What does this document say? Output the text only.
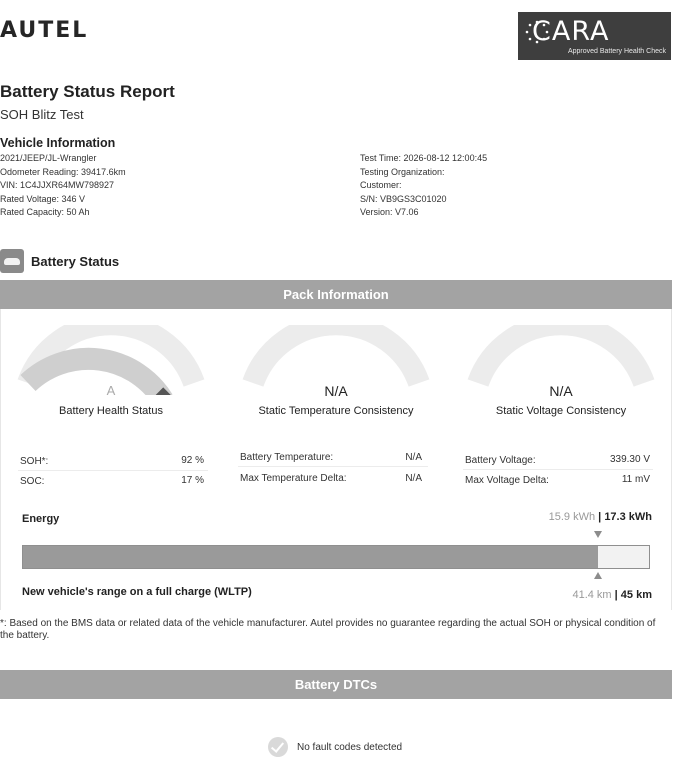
AUTEL	CARA
Approved Battery Health Check
Battery Status Report
SOH Blitz Test
Vehicle Information
2021/JEEP/JL-Wrangler
Odometer Reading: 39417.6km
VIN: 1C4JJXR64MW798927
Rated Voltage: 346 V
Rated Capacity: 50 Ah
Test Time: 2026-08-12 12:00:45
Testing Organization:
Customer:
S/N: VB9GS3C01020
Version: V7.06
Battery Status
Pack Information
A
Battery Health Status
N/A
Static Temperature Consistency
N/A
Static Voltage Consistency
SOH*:	92 %
SOC:	17 %
Battery Temperature:	N/A
Max Temperature Delta:	N/A
Battery Voltage:	339.30 V
Max Voltage Delta:	11 mV
Energy	15.9 kWh | 17.3 kWh
New vehicle's range on a full charge (WLTP)	41.4 km | 45 km
*: Based on the BMS data or related data of the vehicle manufacturer. Autel provides no guarantee regarding the actual SOH or physical condition of the battery.
Battery DTCs
No fault codes detected
